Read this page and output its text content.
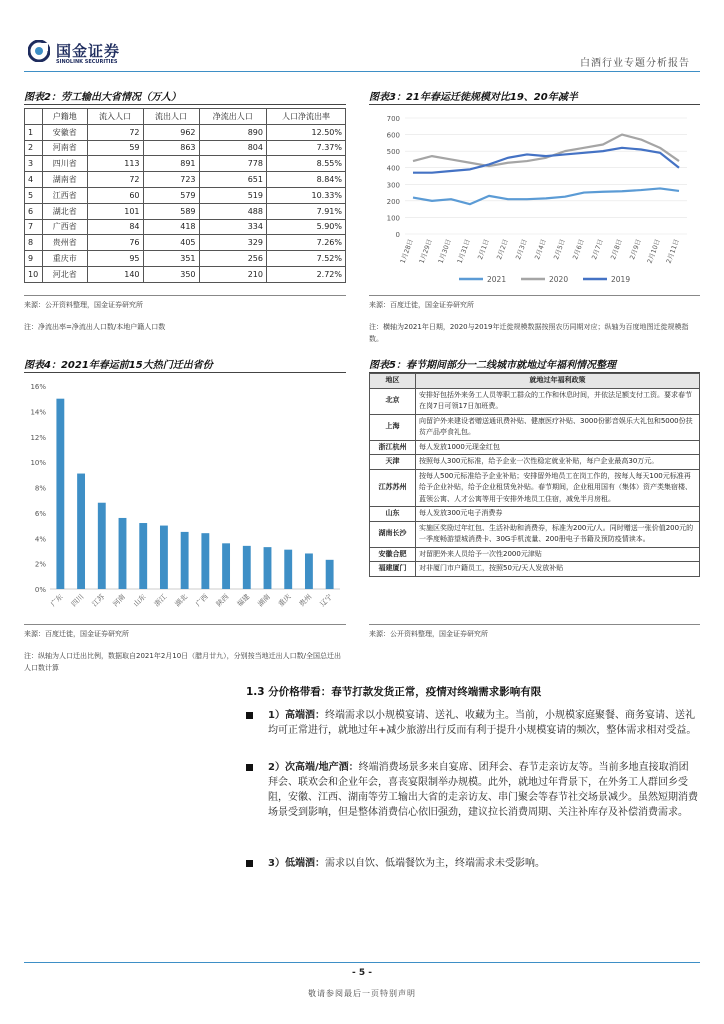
国金证券
SINOLINK SECURITIES	白酒行业专题分析报告
图表2：劳工输出大省情况（万人）
	户籍地	流入人口	流出人口	净流出人口	人口净流出率
1	安徽省	72	962	890	12.50%
2	河南省	59	863	804	7.37%
3	四川省	113	891	778	8.55%
4	湖南省	72	723	651	8.84%
5	江西省	60	579	519	10.33%
6	湖北省	101	589	488	7.91%
7	广西省	84	418	334	5.90%
8	贵州省	76	405	329	7.26%
9	重庆市	95	351	256	7.52%
10	河北省	140	350	210	2.72%
来源：公开资料整理，国金证券研究所
注：净流出率=净流出人口数/本地户籍人口数
图表3：21年春运迁徙规模对比19、20年减半
0
100
200
300
400
500
600
700
1月28日 1月29日 1月30日 1月31日 2月1日 2月2日 2月3日 2月4日 2月5日 2月6日 2月7日 2月8日 2月9日 2月10日 2月11日
2021	2020	2019
来源：百度迁徙，国金证券研究所
注：横轴为2021年日期，2020与2019年迁徙规模数据按照农历同期对应；纵轴为百度地图迁徙规模指数。
图表4：2021年春运前15大热门迁出省份
0%
2%
4%
6%
8%
10%
12%
14%
16%
广东 四川 江苏 河南 山东 浙江 湖北 广西 陕西 福建 湖南 重庆 贵州 辽宁
来源：百度迁徙，国金证券研究所
注：纵轴为人口迁出比例，数据取自2021年2月10日（腊月廿九），分别按当地迁出人口数/全国总迁出人口数计算
图表5：春节期间部分一二线城市就地过年福利情况整理
地区	就地过年福利政策
北京	安排好包括外来务工人员等职工群众的工作和休息时间，并依法足额支付工资。要求春节在岗7日可领17日加班费。
上海	向留沪外来建设者赠送通讯费补贴、健康医疗补贴、3000份影音娱乐大礼包和5000份扶贫产品亭食礼包。
浙江杭州	每人发放1000元现金红包
天津	按照每人300元标准，给予企业一次性稳定就业补贴，每户企业最高30万元。
江苏苏州	按每人500元标准给予企业补贴；安排留外地员工在岗工作的，按每人每天100元标准再给予企业补贴，给予企业租赁免补贴。春节期间，企业租用国有（集体）资产类集宿楼、蓝领公寓、人才公寓等用于安排外地员工住宿，减免半月房租。
山东	每人发放300元电子消费券
湖南长沙	实施区奖励过年红包、生活补助和消费券，标准为200元/人。同时赠送一张价值200元的一季度畅游望城消费卡、30G手机流量、200册电子书籍及预防疫情读本。
安徽合肥	对留肥外来人员给予一次性2000元津贴
福建厦门	对非厦门市户籍员工，按照50元/天人发放补贴
来源：公开资料整理，国金证券研究所
1.3 分价格带看：春节打款发货正常，疫情对终端需求影响有限
1）高端酒：终端需求以小规模宴请、送礼、收藏为主。当前，小规模家庭聚餐、商务宴请、送礼均可正常进行，就地过年+减少旅游出行反而有利于提升小规模宴请的频次，整体需求相对受益。
2）次高端/地产酒：终端消费场景多来自宴席、团拜会、春节走亲访友等。当前多地直接取消团拜会、联欢会和企业年会，喜丧宴限制举办规模。此外，就地过年背景下，在外务工人群回乡受阻，安徽、江西、湖南等劳工输出大省的走亲访友、串门聚会等春节社交场景减少。虽然短期消费场景受到影响，但是整体消费信心依旧强劲，建议拉长消费周期、关注补库存及补偿消费需求。
3）低端酒：需求以自饮、低端餐饮为主，终端需求未受影响。
- 5 -
敬请参阅最后一页特别声明
